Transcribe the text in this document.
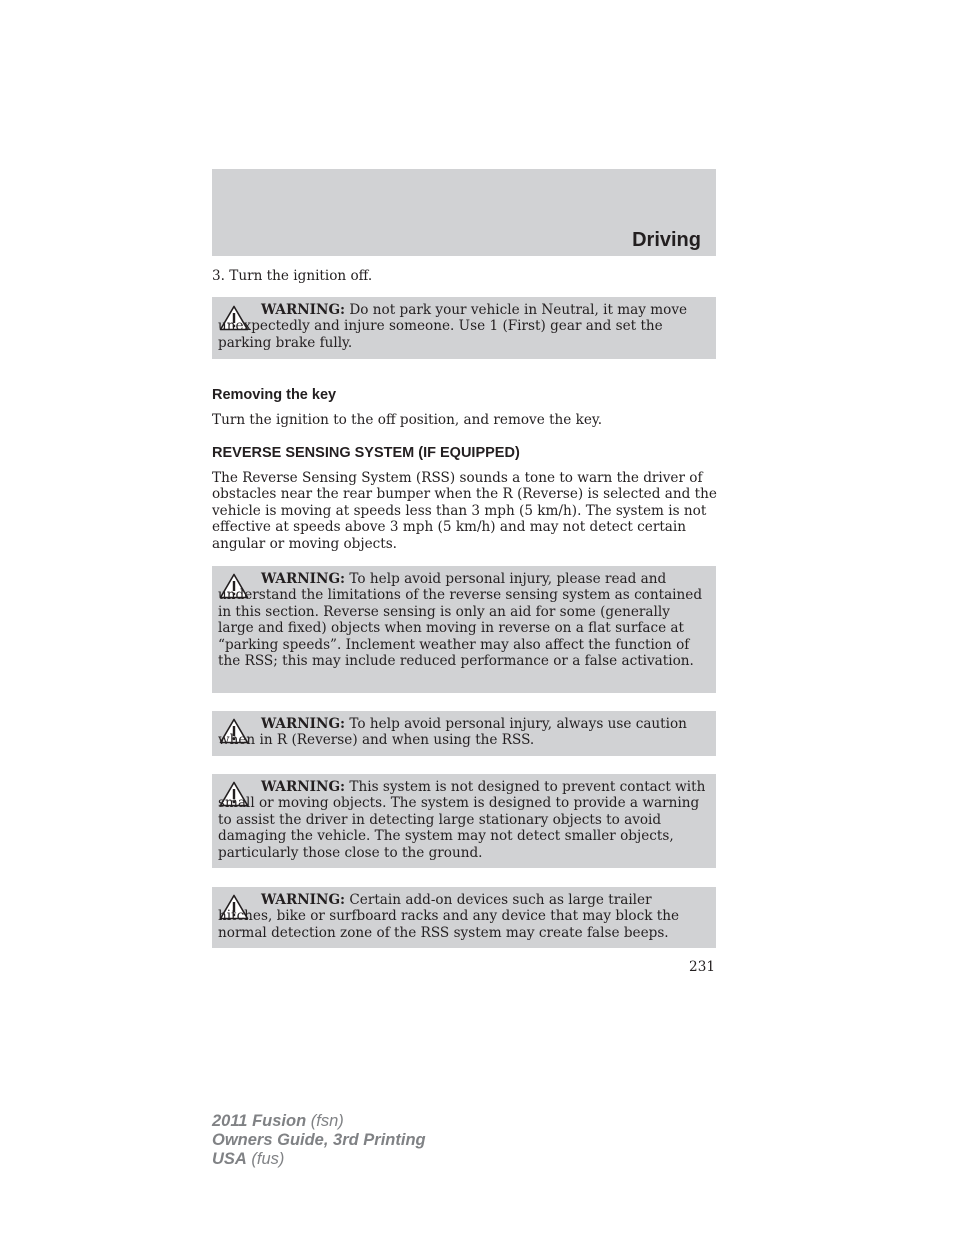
Driving

3. Turn the ignition off.

WARNING: Do not park your vehicle in Neutral, it may move unexpectedly and injure someone. Use 1 (First) gear and set the parking brake fully.

Removing the key

Turn the ignition to the off position, and remove the key.

REVERSE SENSING SYSTEM (IF EQUIPPED)

The Reverse Sensing System (RSS) sounds a tone to warn the driver of obstacles near the rear bumper when the R (Reverse) is selected and the vehicle is moving at speeds less than 3 mph (5 km/h). The system is not effective at speeds above 3 mph (5 km/h) and may not detect certain angular or moving objects.

WARNING: To help avoid personal injury, please read and understand the limitations of the reverse sensing system as contained in this section. Reverse sensing is only an aid for some (generally large and fixed) objects when moving in reverse on a flat surface at “parking speeds”. Inclement weather may also affect the function of the RSS; this may include reduced performance or a false activation.

WARNING: To help avoid personal injury, always use caution when in R (Reverse) and when using the RSS.

WARNING: This system is not designed to prevent contact with small or moving objects. The system is designed to provide a warning to assist the driver in detecting large stationary objects to avoid damaging the vehicle. The system may not detect smaller objects, particularly those close to the ground.

WARNING: Certain add-on devices such as large trailer hitches, bike or surfboard racks and any device that may block the normal detection zone of the RSS system may create false beeps.

231
2011 Fusion (fsn)
Owners Guide, 3rd Printing
USA (fus)
